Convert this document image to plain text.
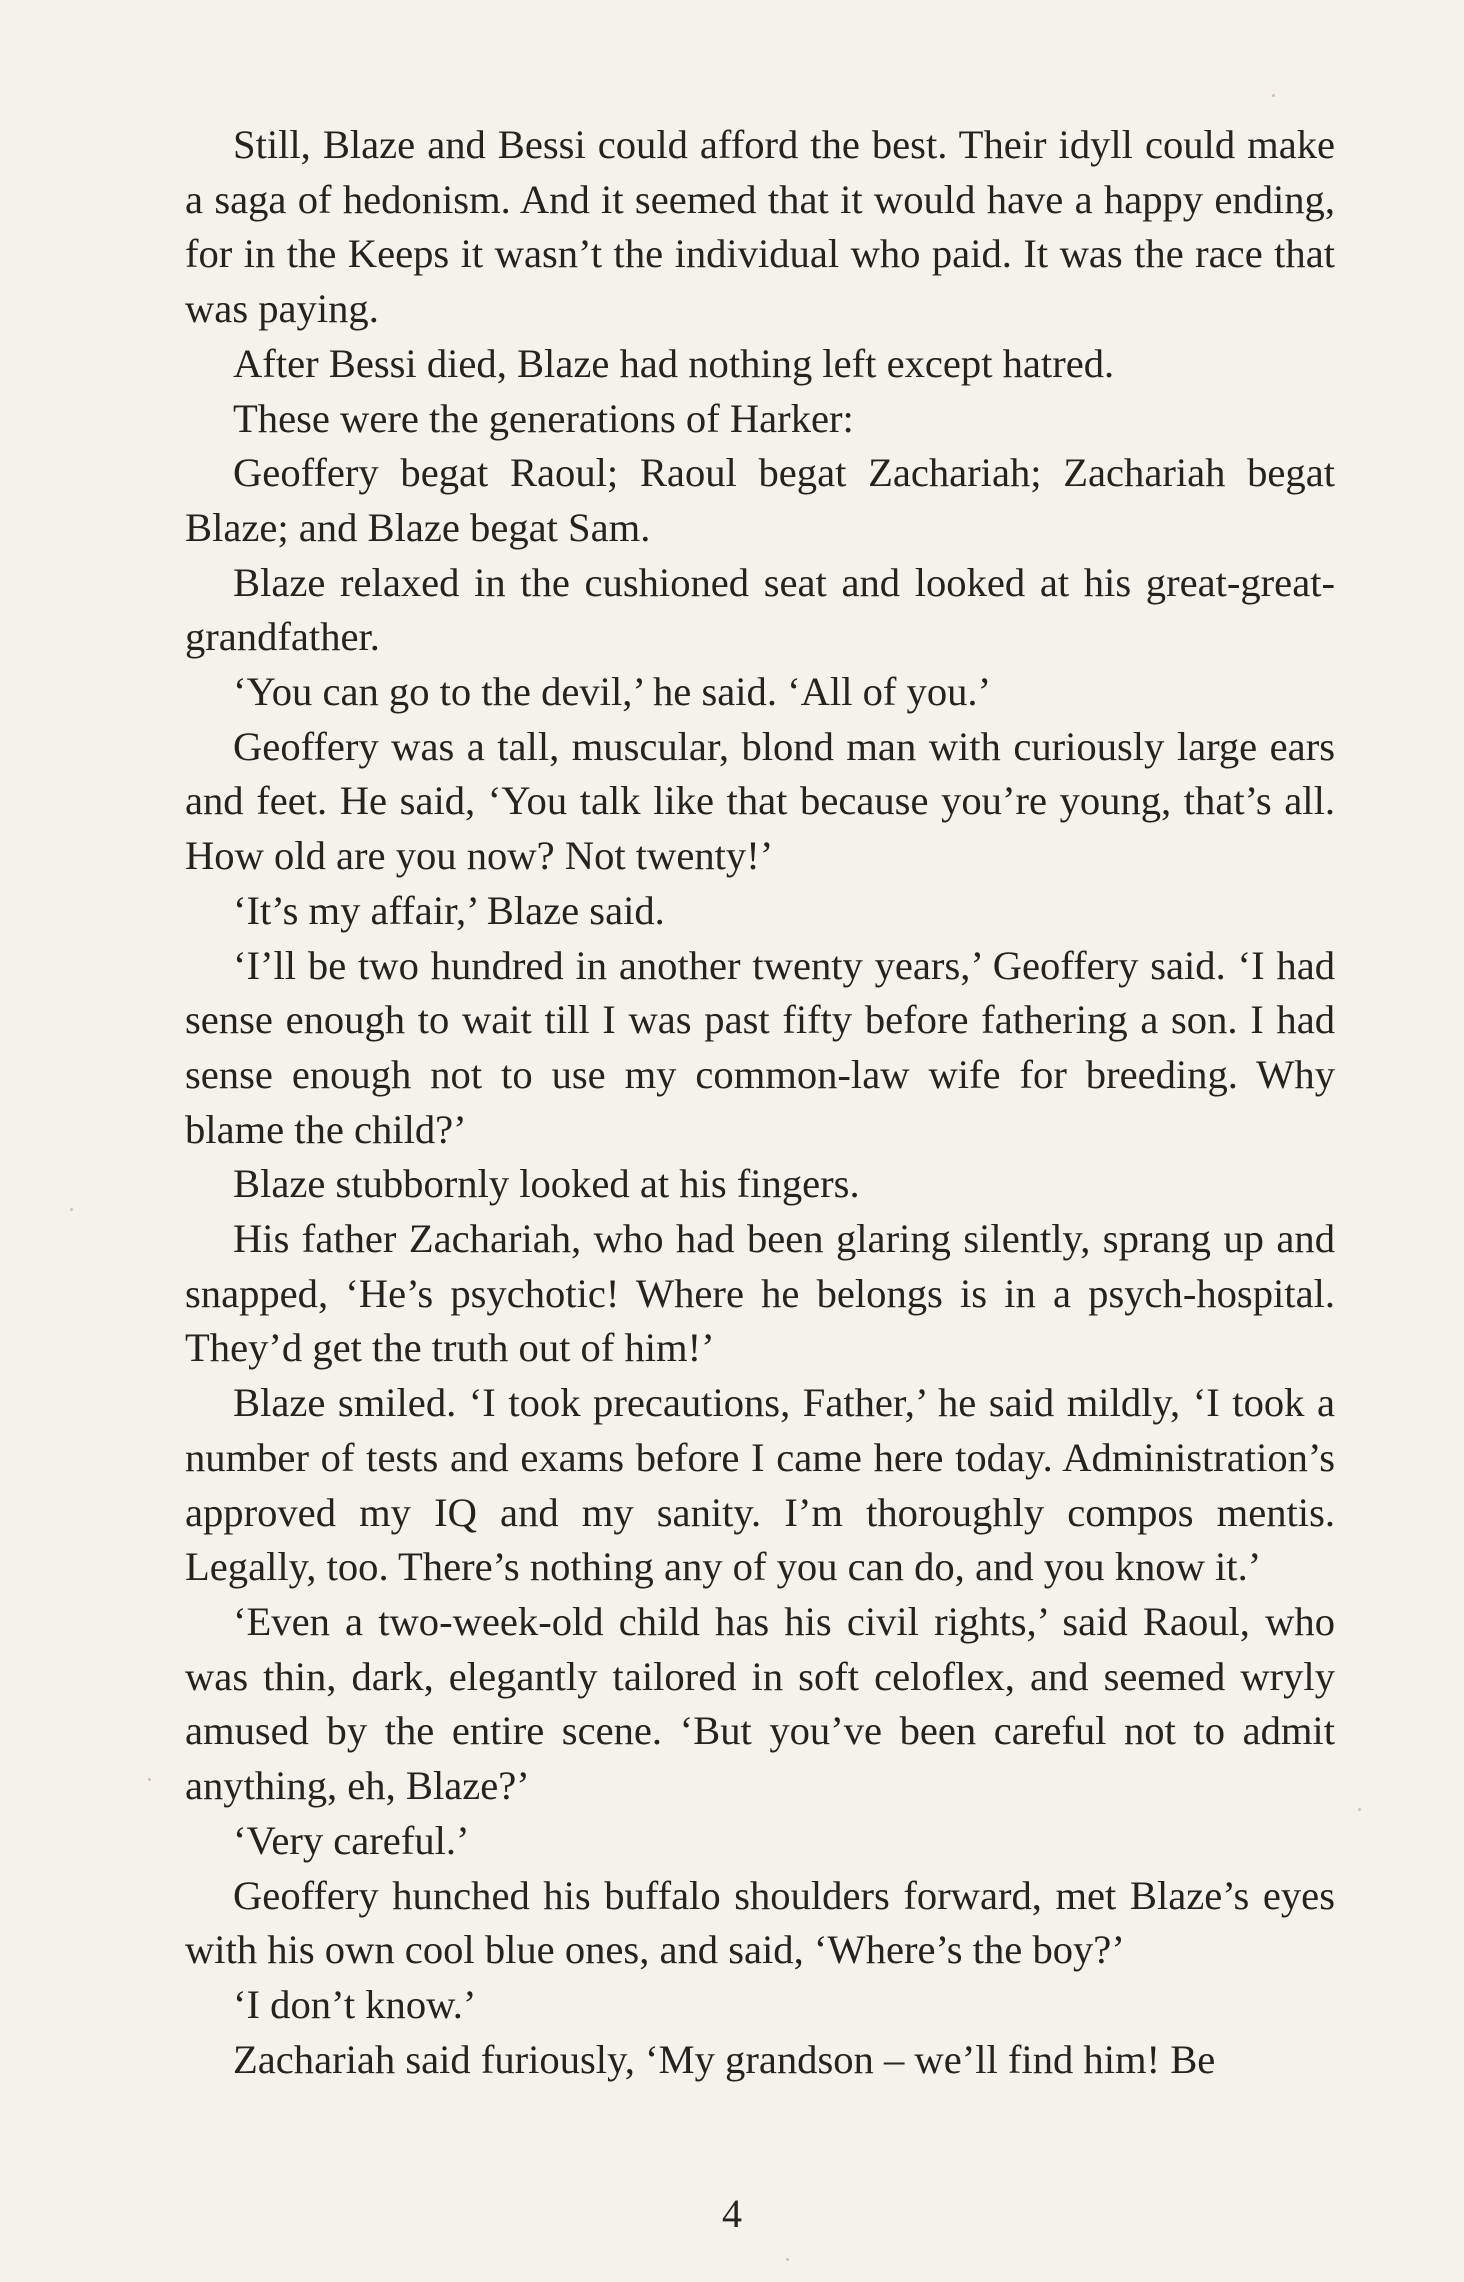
Still, Blaze and Bessi could afford the best. Their idyll could make a saga of hedonism. And it seemed that it would have a happy ending, for in the Keeps it wasn’t the individual who paid. It was the race that was paying.

After Bessi died, Blaze had nothing left except hatred.

These were the generations of Harker:

Geoffery begat Raoul; Raoul begat Zachariah; Zachariah begat Blaze; and Blaze begat Sam.

Blaze relaxed in the cushioned seat and looked at his great-great-grandfather.

‘You can go to the devil,’ he said. ‘All of you.’

Geoffery was a tall, muscular, blond man with curiously large ears and feet. He said, ‘You talk like that because you’re young, that’s all. How old are you now? Not twenty!’

‘It’s my affair,’ Blaze said.

‘I’ll be two hundred in another twenty years,’ Geoffery said. ‘I had sense enough to wait till I was past fifty before fathering a son. I had sense enough not to use my common-law wife for breeding. Why blame the child?’

Blaze stubbornly looked at his fingers.

His father Zachariah, who had been glaring silently, sprang up and snapped, ‘He’s psychotic! Where he belongs is in a psych-hospital. They’d get the truth out of him!’

Blaze smiled. ‘I took precautions, Father,’ he said mildly, ‘I took a number of tests and exams before I came here today. Administration’s approved my IQ and my sanity. I’m thoroughly compos mentis. Legally, too. There’s nothing any of you can do, and you know it.’

‘Even a two-week-old child has his civil rights,’ said Raoul, who was thin, dark, elegantly tailored in soft celoflex, and seemed wryly amused by the entire scene. ‘But you’ve been careful not to admit anything, eh, Blaze?’

‘Very careful.’

Geoffery hunched his buffalo shoulders forward, met Blaze’s eyes with his own cool blue ones, and said, ‘Where’s the boy?’

‘I don’t know.’

Zachariah said furiously, ‘My grandson – we’ll find him! Be

4
